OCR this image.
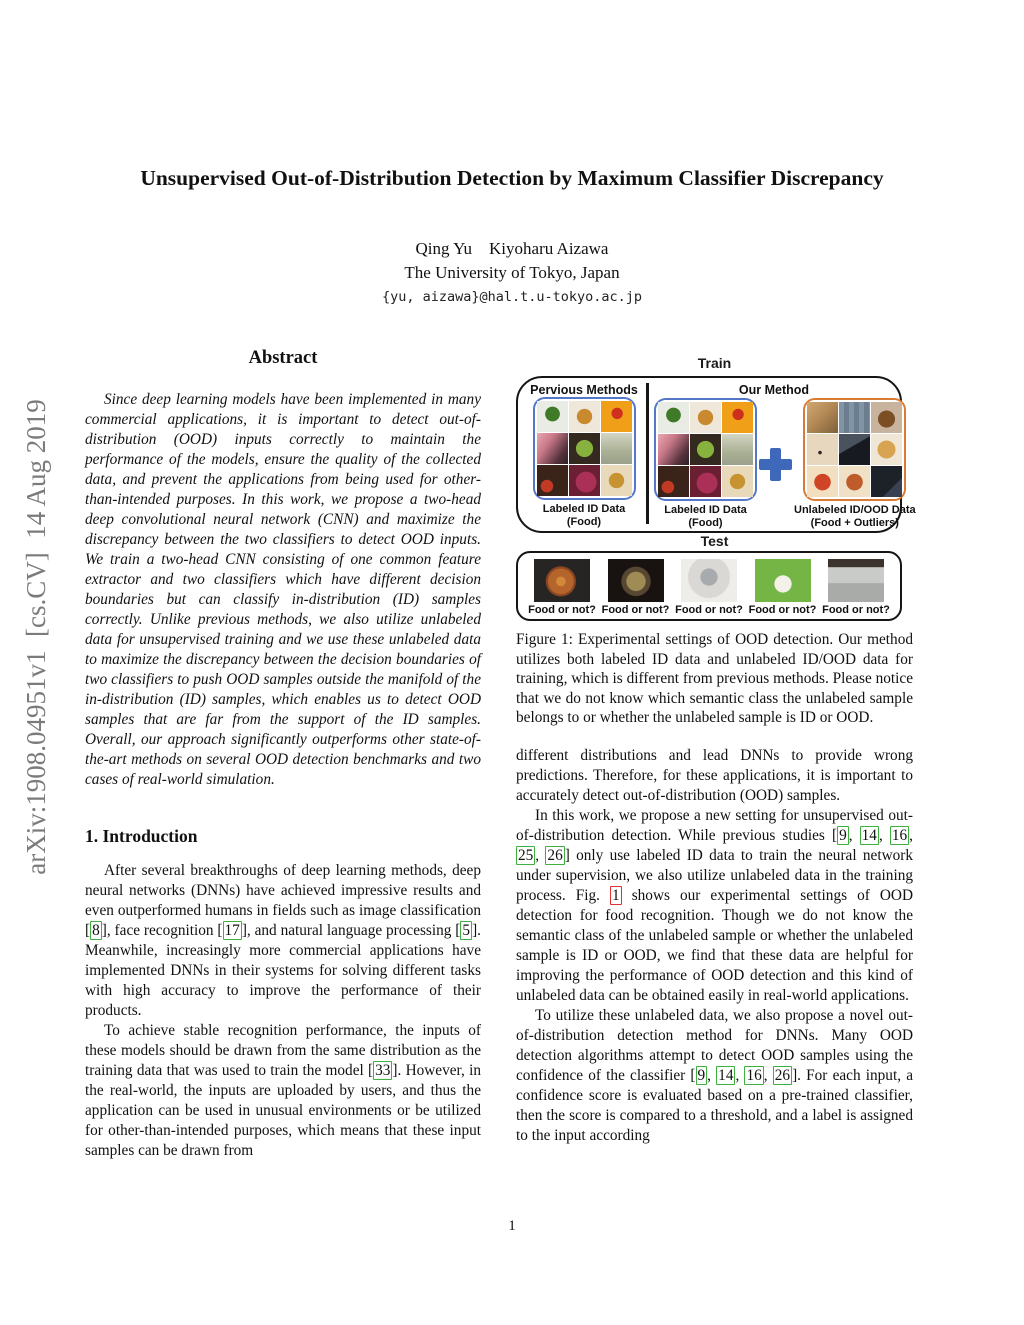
arXiv:1908.04951v1  [cs.CV]  14 Aug 2019
Unsupervised Out-of-Distribution Detection by Maximum Classifier Discrepancy
Qing Yu    Kiyoharu Aizawa
The University of Tokyo, Japan
{yu, aizawa}@hal.t.u-tokyo.ac.jp
Abstract

Since deep learning models have been implemented in many commercial applications, it is important to detect out-of-distribution (OOD) inputs correctly to maintain the performance of the models, ensure the quality of the collected data, and prevent the applications from being used for other-than-intended purposes. In this work, we propose a two-head deep convolutional neural network (CNN) and maximize the discrepancy between the two classifiers to detect OOD inputs. We train a two-head CNN consisting of one common feature extractor and two classifiers which have different decision boundaries but can classify in-distribution (ID) samples correctly. Unlike previous methods, we also utilize unlabeled data for unsupervised training and we use these unlabeled data to maximize the discrepancy between the decision boundaries of two classifiers to push OOD samples outside the manifold of the in-distribution (ID) samples, which enables us to detect OOD samples that are far from the support of the ID samples. Overall, our approach significantly outperforms other state-of-the-art methods on several OOD detection benchmarks and two cases of real-world simulation.

1. Introduction

After several breakthroughs of deep learning methods, deep neural networks (DNNs) have achieved impressive results and even outperformed humans in fields such as image classification [ 8 ], face recognition [ 17 ], and natural language processing [ 5 ]. Meanwhile, increasingly more commercial applications have implemented DNNs in their systems for solving different tasks with high accuracy to improve the performance of their products.

To achieve stable recognition performance, the inputs of these models should be drawn from the same distribution as the training data that was used to train the model [ 33 ]. However, in the real-world, the inputs are uploaded by users, and thus the application can be used in unusual environments or be utilized for other-than-intended purposes, which means that these input samples can be drawn from

Train
Pervious Methods
Labeled ID Data
(Food)
Our Method
Labeled ID Data
(Food)
Unlabeled ID/OOD Data
(Food + Outliers)
Test
Food or not? Food or not? Food or not? Food or not? Food or not?

Figure 1: Experimental settings of OOD detection. Our method utilizes both labeled ID data and unlabeled ID/OOD data for training, which is different from previous methods. Please notice that we do not know which semantic class the unlabeled sample belongs to or whether the unlabeled sample is ID or OOD.

different distributions and lead DNNs to provide wrong predictions. Therefore, for these applications, it is important to accurately detect out-of-distribution (OOD) samples.

In this work, we propose a new setting for unsupervised out-of-distribution detection. While previous studies [ 9 , 14 , 16 , 25 , 26 ] only use labeled ID data to train the neural network under supervision, we also utilize unlabeled data in the training process. Fig. 1 shows our experimental settings of OOD detection for food recognition. Though we do not know the semantic class of the unlabeled sample or whether the unlabeled sample is ID or OOD, we find that these data are helpful for improving the performance of OOD detection and this kind of unlabeled data can be obtained easily in real-world applications.

To utilize these unlabeled data, we also propose a novel out-of-distribution detection method for DNNs. Many OOD detection algorithms attempt to detect OOD samples using the confidence of the classifier [ 9 , 14 , 16 , 26 ]. For each input, a confidence score is evaluated based on a pre-trained classifier, then the score is compared to a threshold, and a label is assigned to the input according

1
